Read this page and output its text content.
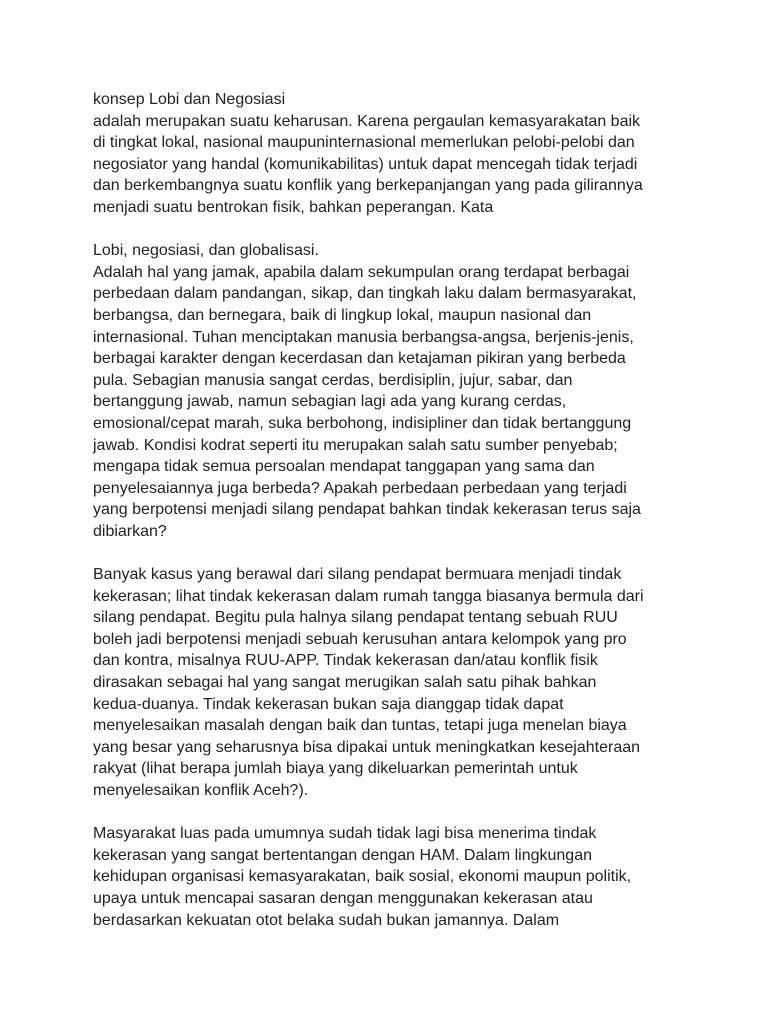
konsep Lobi dan Negosiasi
adalah merupakan suatu keharusan. Karena pergaulan kemasyarakatan baik
di tingkat lokal, nasional maupuninternasional memerlukan pelobi-pelobi dan
negosiator yang handal (komunikabilitas) untuk dapat mencegah tidak terjadi
dan berkembangnya suatu konflik yang berkepanjangan yang pada gilirannya
menjadi suatu bentrokan fisik, bahkan peperangan. Kata
Lobi, negosiasi, dan globalisasi.
Adalah hal yang jamak, apabila dalam sekumpulan orang terdapat berbagai
perbedaan dalam pandangan, sikap, dan tingkah laku dalam bermasyarakat,
berbangsa, dan bernegara, baik di lingkup lokal, maupun nasional dan
internasional. Tuhan menciptakan manusia berbangsa-angsa, berjenis-jenis,
berbagai karakter dengan kecerdasan dan ketajaman pikiran yang berbeda
pula. Sebagian manusia sangat cerdas, berdisiplin, jujur, sabar, dan
bertanggung jawab, namun sebagian lagi ada yang kurang cerdas,
emosional/cepat marah, suka berbohong, indisipliner dan tidak bertanggung
jawab. Kondisi kodrat seperti itu merupakan salah satu sumber penyebab;
mengapa tidak semua persoalan mendapat tanggapan yang sama dan
penyelesaiannya juga berbeda? Apakah perbedaan perbedaan yang terjadi
yang berpotensi menjadi silang pendapat bahkan tindak kekerasan terus saja
dibiarkan?
Banyak kasus yang berawal dari silang pendapat bermuara menjadi tindak
kekerasan; lihat tindak kekerasan dalam rumah tangga biasanya bermula dari
silang pendapat. Begitu pula halnya silang pendapat tentang sebuah RUU
boleh jadi berpotensi menjadi sebuah kerusuhan antara kelompok yang pro
dan kontra, misalnya RUU-APP. Tindak kekerasan dan/atau konflik fisik
dirasakan sebagai hal yang sangat merugikan salah satu pihak bahkan
kedua-duanya. Tindak kekerasan bukan saja dianggap tidak dapat
menyelesaikan masalah dengan baik dan tuntas, tetapi juga menelan biaya
yang besar yang seharusnya bisa dipakai untuk meningkatkan kesejahteraan
rakyat (lihat berapa jumlah biaya yang dikeluarkan pemerintah untuk
menyelesaikan konflik Aceh?).
Masyarakat luas pada umumnya sudah tidak lagi bisa menerima tindak
kekerasan yang sangat bertentangan dengan HAM. Dalam lingkungan
kehidupan organisasi kemasyarakatan, baik sosial, ekonomi maupun politik,
upaya untuk mencapai sasaran dengan menggunakan kekerasan atau
berdasarkan kekuatan otot belaka sudah bukan jamannya. Dalam
